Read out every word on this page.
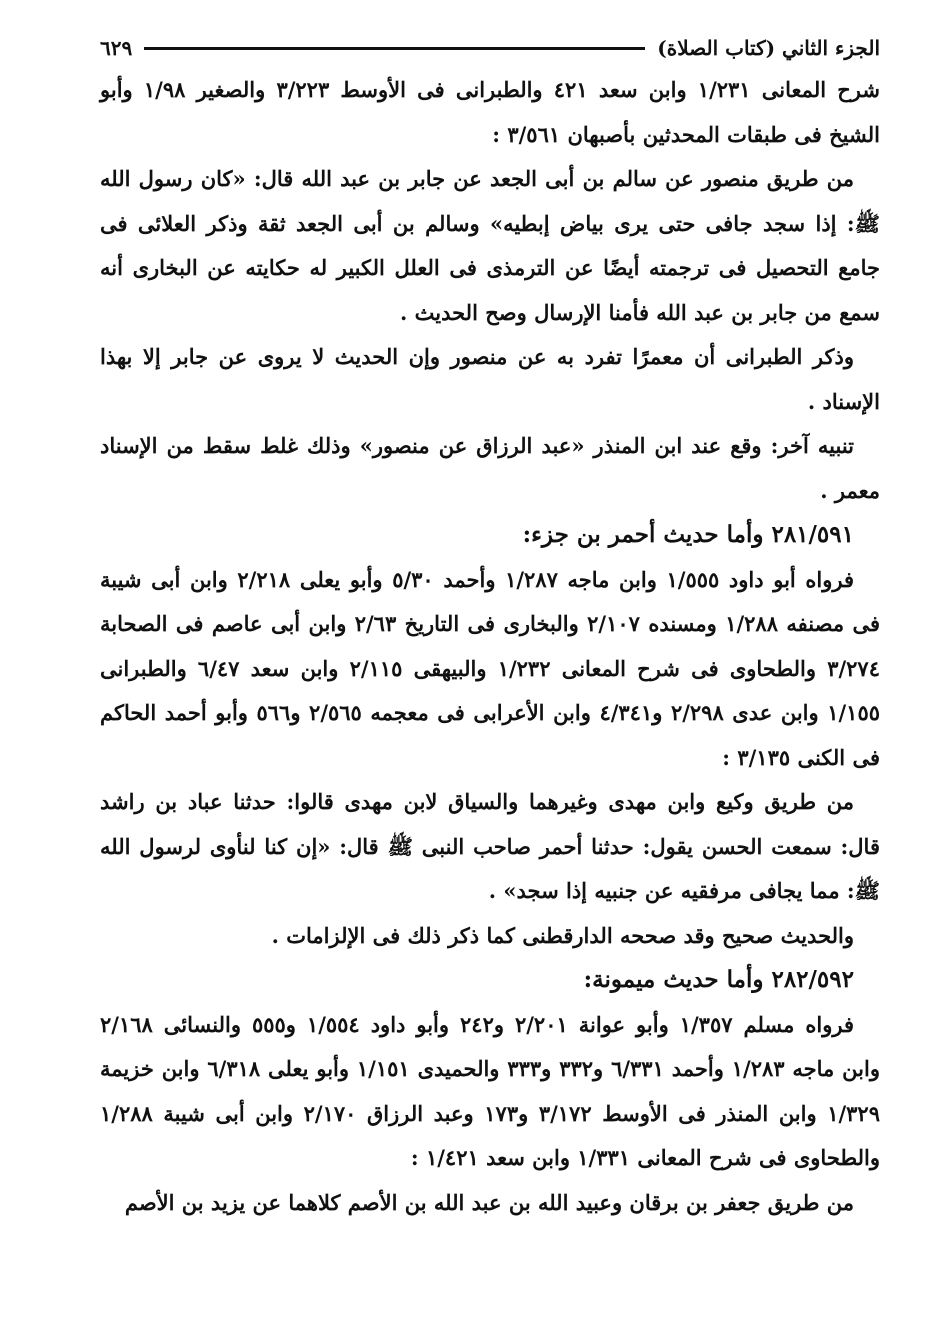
الجزء الثاني (كتاب الصلاة)
٦٢٩

شرح المعانى ١/٢٣١ وابن سعد ٤٢١ والطبرانى فى الأوسط ٣/٢٢٣ والصغير ١/٩٨ وأبو الشيخ فى طبقات المحدثين بأصبهان ٣/٥٦١ :

من طريق منصور عن سالم بن أبى الجعد عن جابر بن عبد الله قال: «كان رسول الله ﷺ: إذا سجد جافى حتى يرى بياض إبطيه» وسالم بن أبى الجعد ثقة وذكر العلائى فى جامع التحصيل فى ترجمته أيضًا عن الترمذى فى العلل الكبير له حكايته عن البخارى أنه سمع من جابر بن عبد الله فأمنا الإرسال وصح الحديث .

وذكر الطبرانى أن معمرًا تفرد به عن منصور وإن الحديث لا يروى عن جابر إلا بهذا الإسناد .

تنبيه آخر: وقع عند ابن المنذر «عبد الرزاق عن منصور» وذلك غلط سقط من الإسناد معمر .

٢٨١/٥٩١ وأما حديث أحمر بن جزء:

فرواه أبو داود ١/٥٥٥ وابن ماجه ١/٢٨٧ وأحمد ٥/٣٠ وأبو يعلى ٢/٢١٨ وابن أبى شيبة فى مصنفه ١/٢٨٨ ومسنده ٢/١٠٧ والبخارى فى التاريخ ٢/٦٣ وابن أبى عاصم فى الصحابة ٣/٢٧٤ والطحاوى فى شرح المعانى ١/٢٣٢ والبيهقى ٢/١١٥ وابن سعد ٦/٤٧ والطبرانى ١/١٥٥ وابن عدى ٢/٢٩٨ و٤/٣٤١ وابن الأعرابى فى معجمه ٢/٥٦٥ و٥٦٦ وأبو أحمد الحاكم فى الكنى ٣/١٣٥ :

من طريق وكيع وابن مهدى وغيرهما والسياق لابن مهدى قالوا: حدثنا عباد بن راشد قال: سمعت الحسن يقول: حدثنا أحمر صاحب النبى ﷺ قال: «إن كنا لنأوى لرسول الله ﷺ: مما يجافى مرفقيه عن جنبيه إذا سجد» .

والحديث صحيح وقد صححه الدارقطنى كما ذكر ذلك فى الإلزامات .

٢٨٢/٥٩٢ وأما حديث ميمونة:

فرواه مسلم ١/٣٥٧ وأبو عوانة ٢/٢٠١ و٢٤٢ وأبو داود ١/٥٥٤ و٥٥٥ والنسائى ٢/١٦٨ وابن ماجه ١/٢٨٣ وأحمد ٦/٣٣١ و٣٣٢ و٣٣٣ والحميدى ١/١٥١ وأبو يعلى ٦/٣١٨ وابن خزيمة ١/٣٢٩ وابن المنذر فى الأوسط ٣/١٧٢ و١٧٣ وعبد الرزاق ٢/١٧٠ وابن أبى شيبة ١/٢٨٨ والطحاوى فى شرح المعانى ١/٣٣١ وابن سعد ١/٤٢١ :

من طريق جعفر بن برقان وعبيد الله بن عبد الله بن الأصم كلاهما عن يزيد بن الأصم
